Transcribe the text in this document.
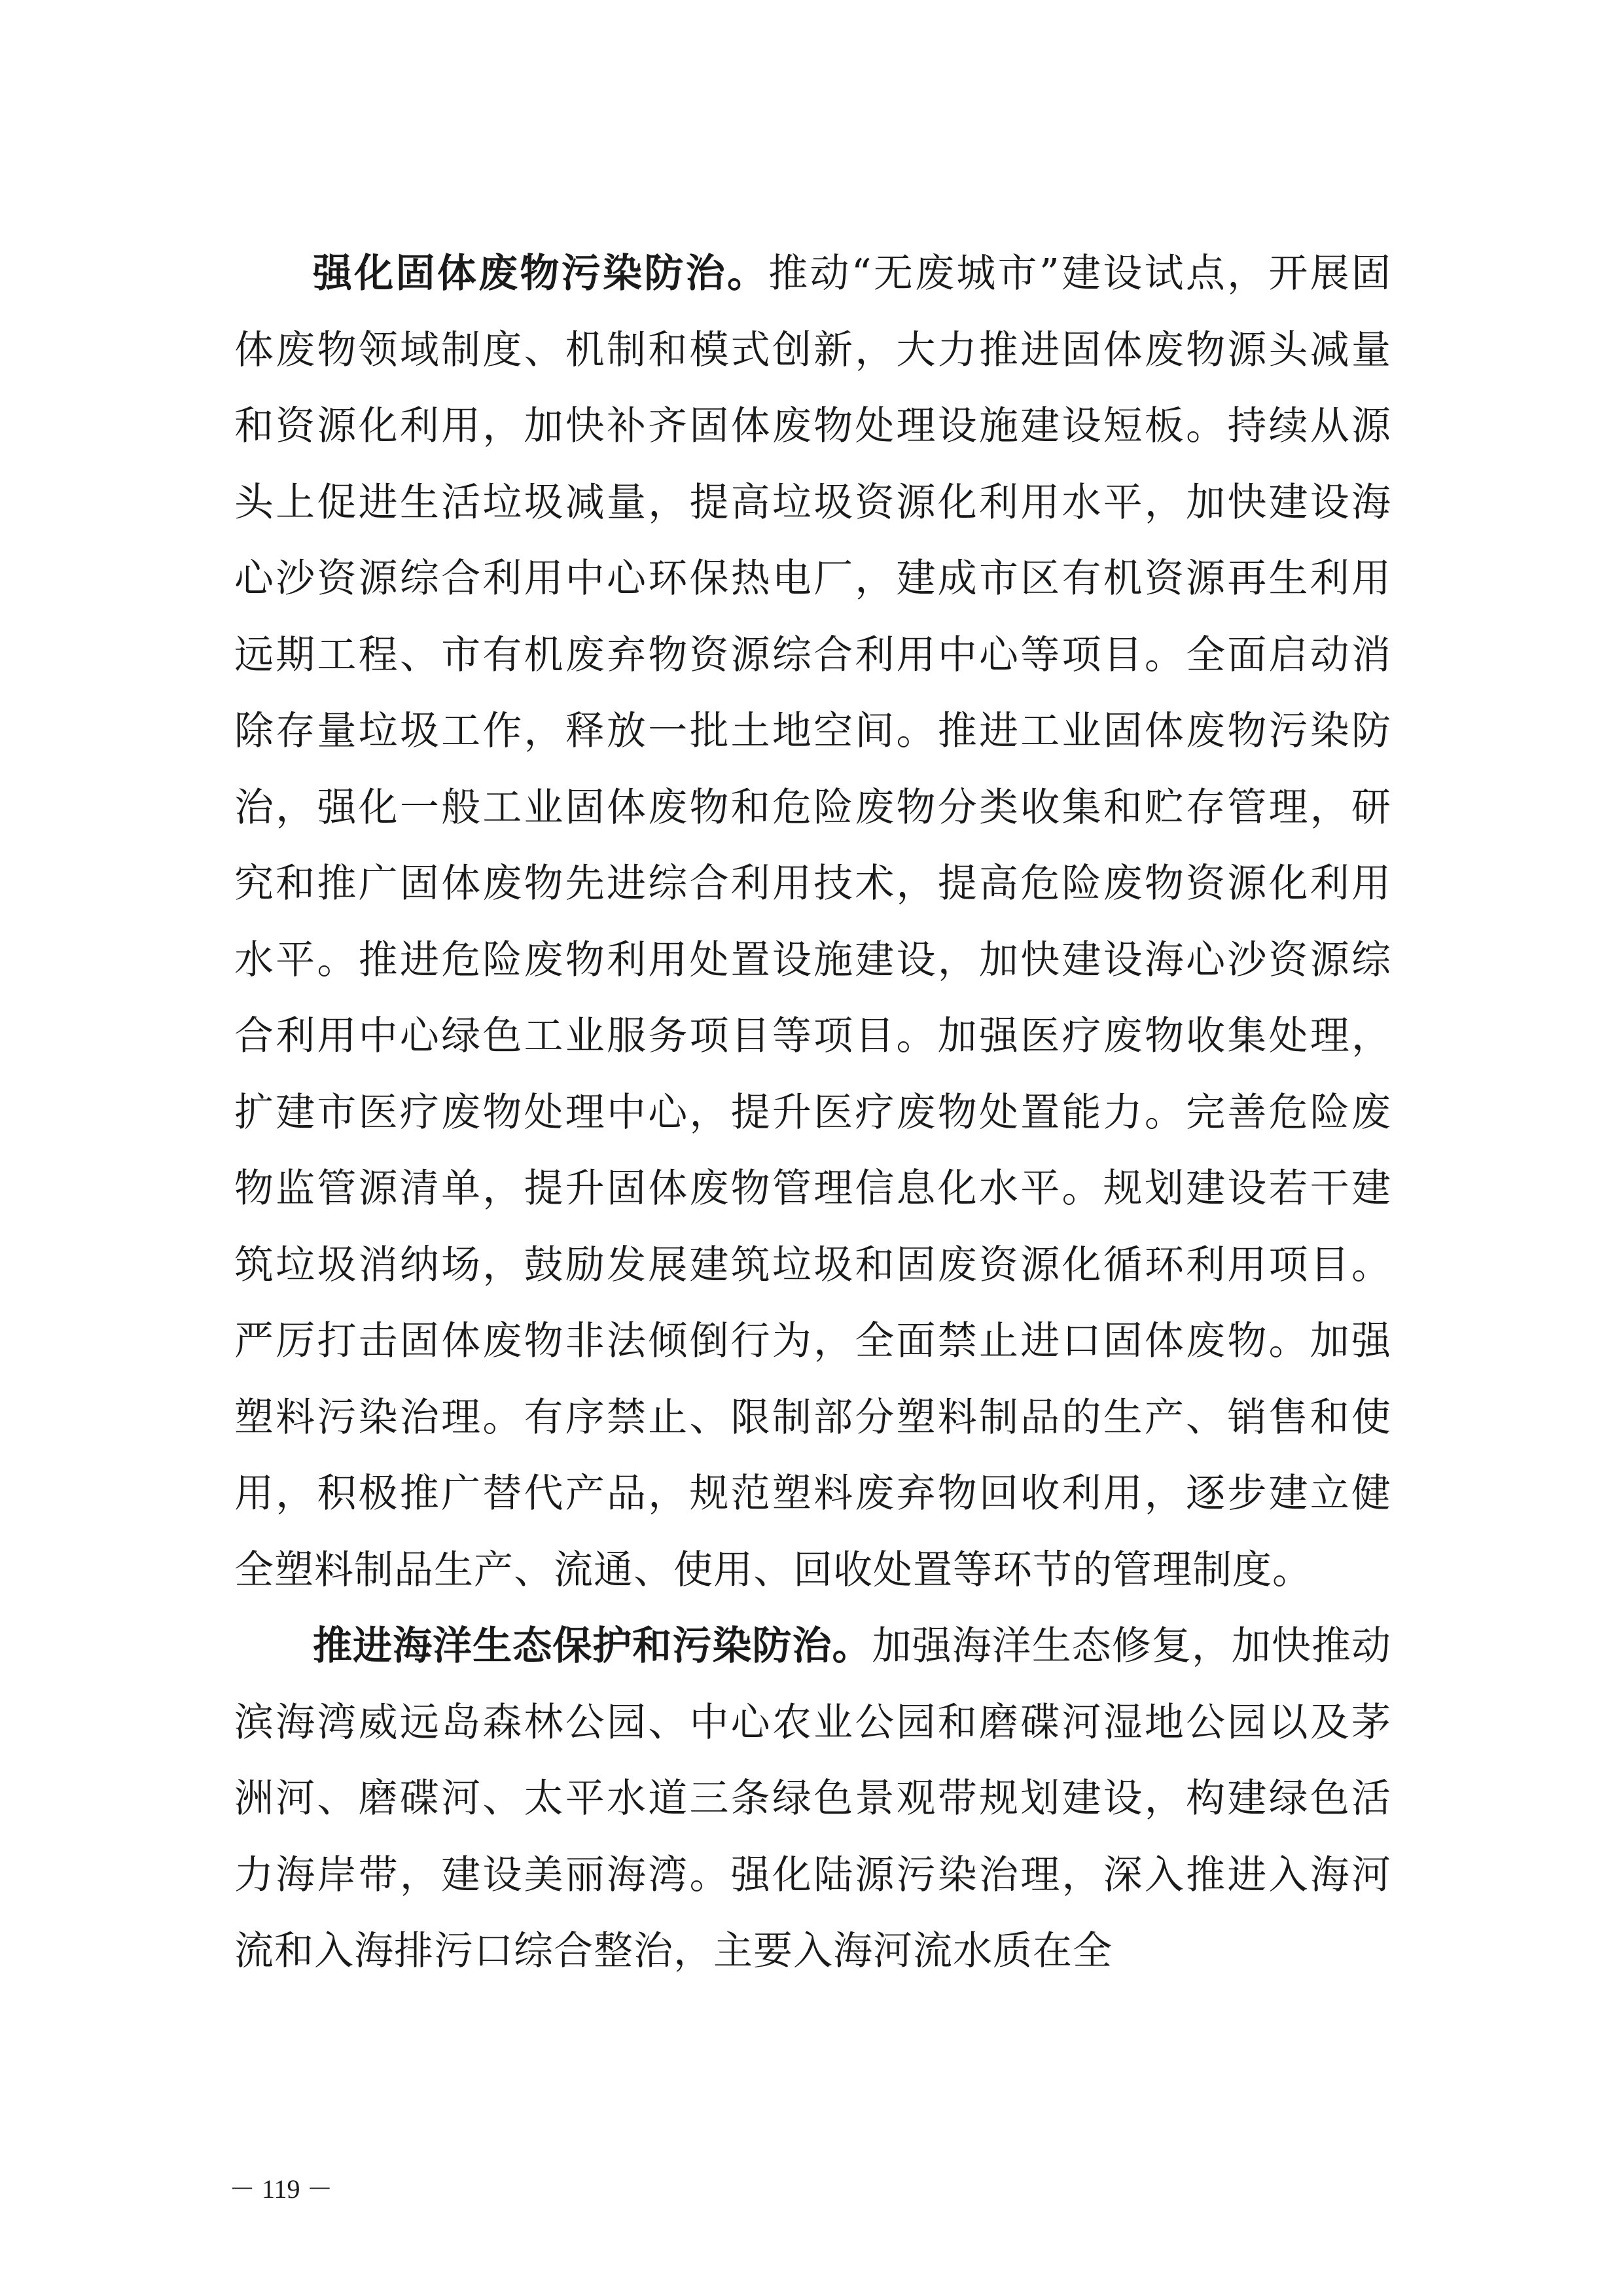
强化固体废物污染防治。推动“无废城市”建设试点，开展固体废物领域制度、机制和模式创新，大力推进固体废物源头减量和资源化利用，加快补齐固体废物处理设施建设短板。持续从源头上促进生活垃圾减量，提高垃圾资源化利用水平，加快建设海心沙资源综合利用中心环保热电厂，建成市区有机资源再生利用远期工程、市有机废弃物资源综合利用中心等项目。全面启动消除存量垃圾工作，释放一批土地空间。推进工业固体废物污染防治，强化一般工业固体废物和危险废物分类收集和贮存管理，研究和推广固体废物先进综合利用技术，提高危险废物资源化利用水平。推进危险废物利用处置设施建设，加快建设海心沙资源综合利用中心绿色工业服务项目等项目。加强医疗废物收集处理，扩建市医疗废物处理中心，提升医疗废物处置能力。完善危险废物监管源清单，提升固体废物管理信息化水平。规划建设若干建筑垃圾消纳场，鼓励发展建筑垃圾和固废资源化循环利用项目。严厉打击固体废物非法倾倒行为，全面禁止进口固体废物。加强塑料污染治理。有序禁止、限制部分塑料制品的生产、销售和使用，积极推广替代产品，规范塑料废弃物回收利用，逐步建立健全塑料制品生产、流通、使用、回收处置等环节的管理制度。

推进海洋生态保护和污染防治。加强海洋生态修复，加快推动滨海湾威远岛森林公园、中心农业公园和磨碟河湿地公园以及茅洲河、磨碟河、太平水道三条绿色景观带规划建设，构建绿色活力海岸带，建设美丽海湾。强化陆源污染治理，深入推进入海河流和入海排污口综合整治，主要入海河流水质在全

－ 119 －
